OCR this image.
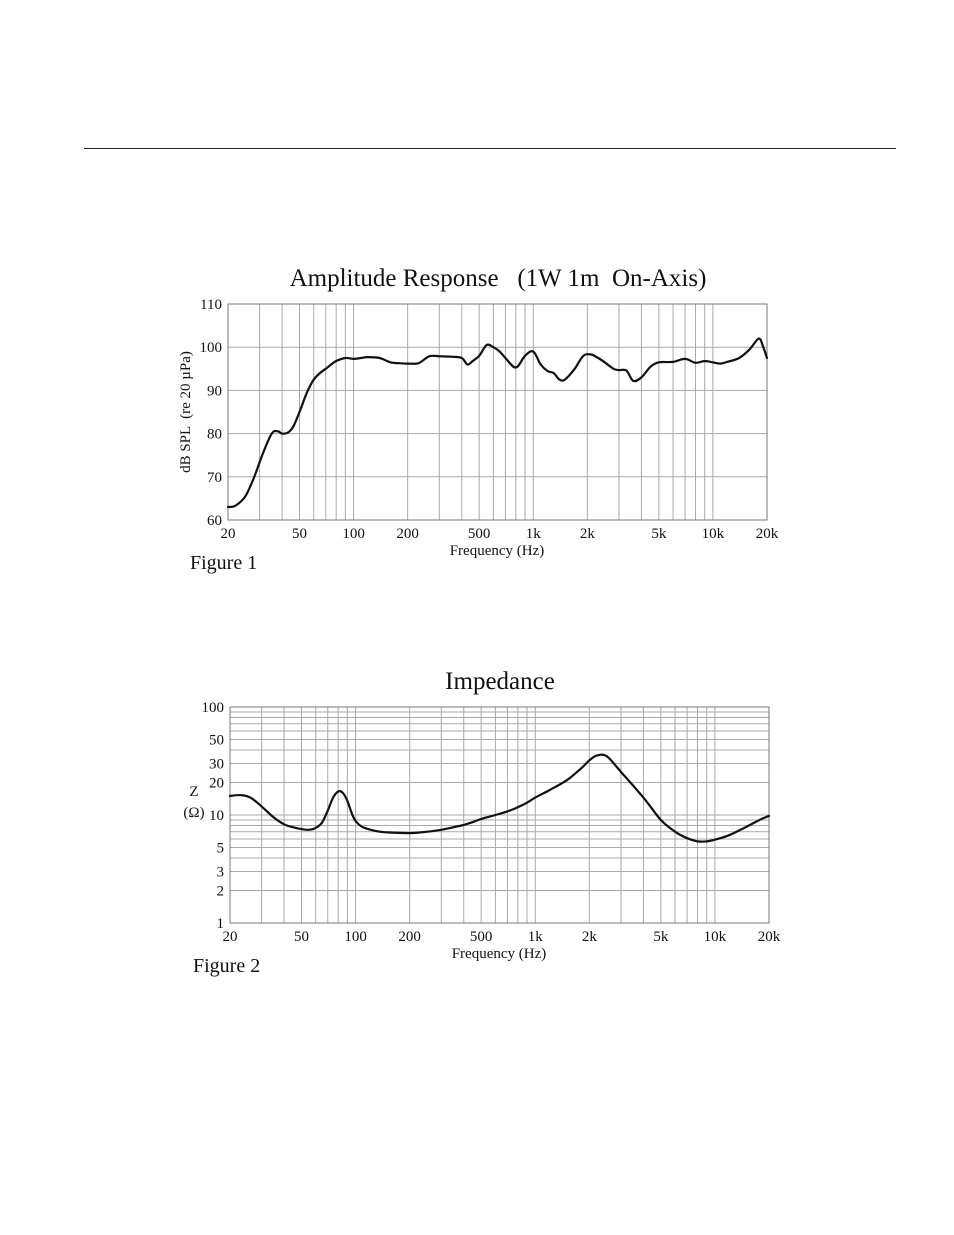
Amplitude Response   (1W 1m  On-Axis)
20	50 100 200	500 1k	2k	5k 10k 20k
60
70
80
90
100
110
Frequency (Hz)
dB SPL  (re 20 µPa)
Figure 1
Impedance
20	50 100 200	500 1k	2k	5k 10k 20k
1
2
3
5
10
20
30
50
100
Frequency (Hz)
Z
(Ω)
Figure 2
